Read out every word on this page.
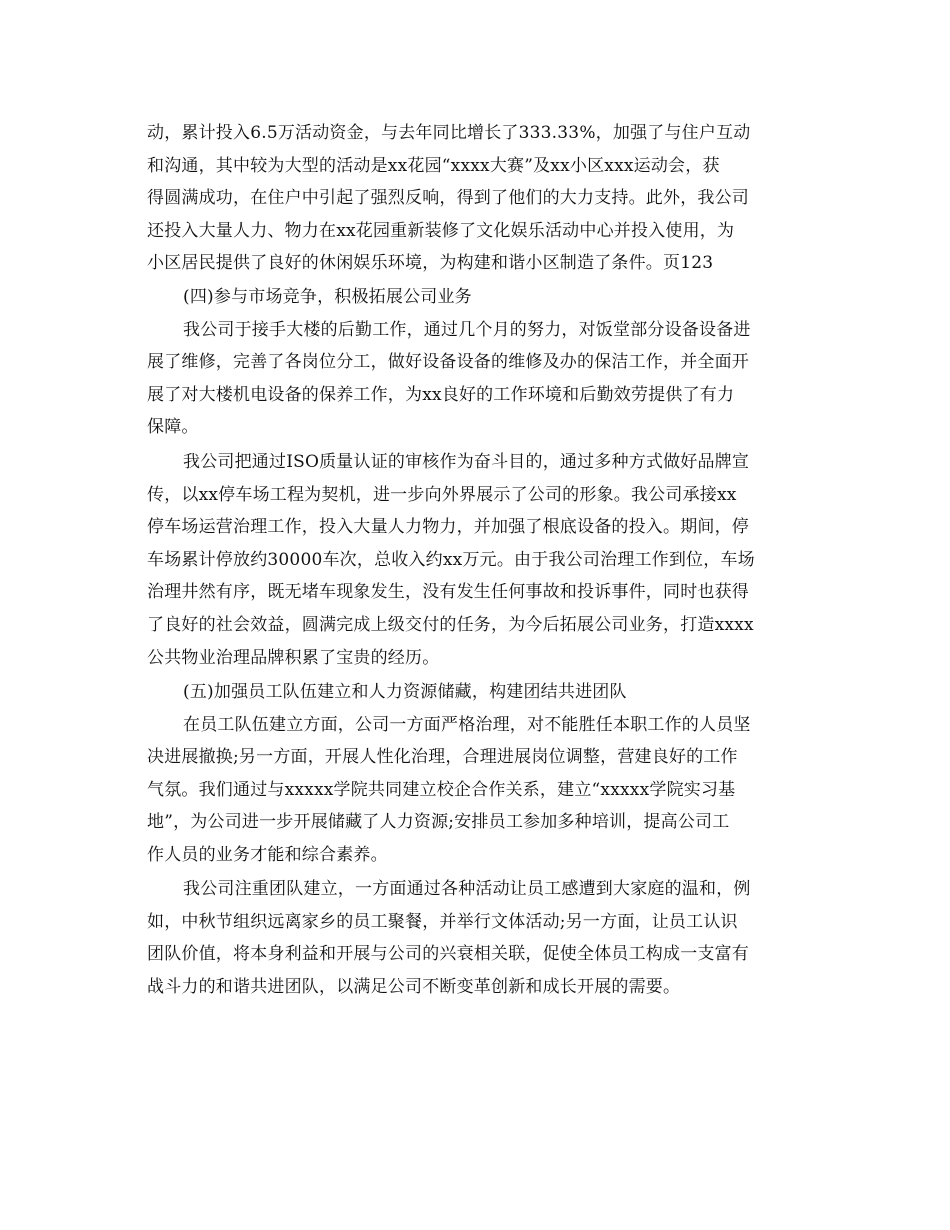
动，累计投入6.5万活动资金，与去年同比增长了333.33%，加强了与住户互动
和沟通，其中较为大型的活动是xx花园“xxxx大赛”及xx小区xxx运动会，获
得圆满成功，在住户中引起了强烈反响，得到了他们的大力支持。此外，我公司
还投入大量人力、物力在xx花园重新装修了文化娱乐活动中心并投入使用，为
小区居民提供了良好的休闲娱乐环境，为构建和谐小区制造了条件。页123
(四)参与市场竞争，积极拓展公司业务
我公司于接手大楼的后勤工作，通过几个月的努力，对饭堂部分设备设备进
展了维修，完善了各岗位分工，做好设备设备的维修及办的保洁工作，并全面开
展了对大楼机电设备的保养工作，为xx良好的工作环境和后勤效劳提供了有力
保障。
我公司把通过ISO质量认证的审核作为奋斗目的，通过多种方式做好品牌宣
传，以xx停车场工程为契机，进一步向外界展示了公司的形象。我公司承接xx
停车场运营治理工作，投入大量人力物力，并加强了根底设备的投入。期间，停
车场累计停放约30000车次，总收入约xx万元。由于我公司治理工作到位，车场
治理井然有序，既无堵车现象发生，没有发生任何事故和投诉事件，同时也获得
了良好的社会效益，圆满完成上级交付的任务，为今后拓展公司业务，打造xxxx
公共物业治理品牌积累了宝贵的经历。
(五)加强员工队伍建立和人力资源储藏，构建团结共进团队
在员工队伍建立方面，公司一方面严格治理，对不能胜任本职工作的人员坚
决进展撤换;另一方面，开展人性化治理，合理进展岗位调整，营建良好的工作
气氛。我们通过与xxxxx学院共同建立校企合作关系，建立“xxxxx学院实习基
地”，为公司进一步开展储藏了人力资源;安排员工参加多种培训，提高公司工
作人员的业务才能和综合素养。
我公司注重团队建立，一方面通过各种活动让员工感遭到大家庭的温和，例
如，中秋节组织远离家乡的员工聚餐，并举行文体活动;另一方面，让员工认识
团队价值，将本身利益和开展与公司的兴衰相关联，促使全体员工构成一支富有
战斗力的和谐共进团队，以满足公司不断变革创新和成长开展的需要。
